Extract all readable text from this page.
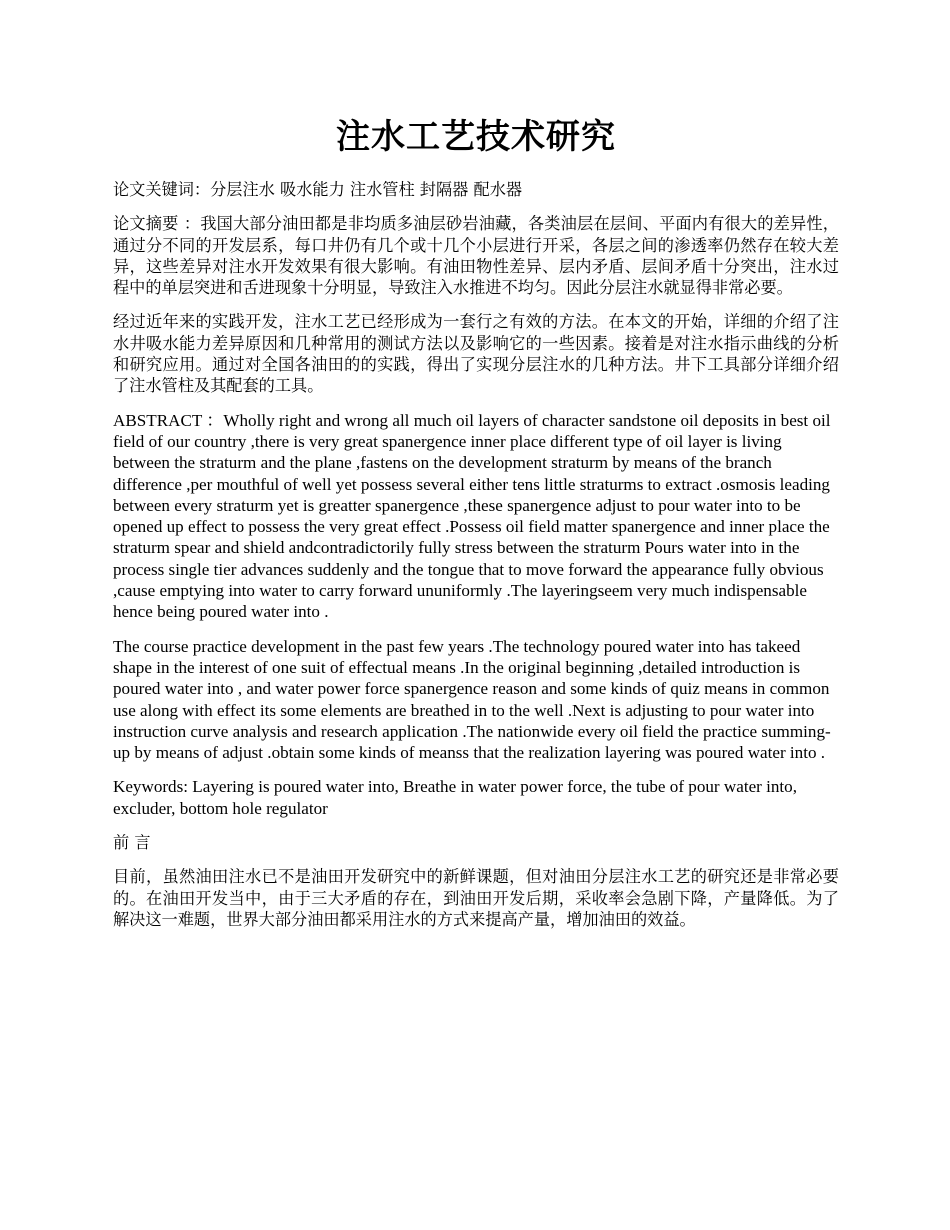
注水工艺技术研究

论文关键词：分层注水 吸水能力 注水管柱 封隔器 配水器

论文摘要 ：我国大部分油田都是非均质多油层砂岩油藏，各类油层在层间、平面内有很大的差异性，通过分不同的开发层系，每口井仍有几个或十几个小层进行开采，各层之间的渗透率仍然存在较大差异，这些差异对注水开发效果有很大影响。有油田物性差异、层内矛盾、层间矛盾十分突出，注水过程中的单层突进和舌进现象十分明显，导致注入水推进不均匀。因此分层注水就显得非常必要。

经过近年来的实践开发，注水工艺已经形成为一套行之有效的方法。在本文的开始，详细的介绍了注水井吸水能力差异原因和几种常用的测试方法以及影响它的一些因素。接着是对注水指示曲线的分析和研究应用。通过对全国各油田的的实践，得出了实现分层注水的几种方法。井下工具部分详细介绍了注水管柱及其配套的工具。

ABSTRACT ：Wholly right and wrong all much oil layers of character sandstone oil deposits in best oil field of our country ,there is very great spanergence inner place different type of oil layer is living between the straturm and the plane ,fastens on the development straturm by means of the branch difference ,per mouthful of well yet possess several either tens little straturms to extract .osmosis leading between every straturm yet is greatter spanergence ,these spanergence adjust to pour water into to be opened up effect to possess the very great effect .Possess oil field matter spanergence and inner place the straturm spear and shield andcontradictorily fully stress between the straturm Pours water into in the process single tier advances suddenly and the tongue that to move forward the appearance fully obvious ,cause emptying into water to carry forward ununiformly .The layeringseem very much indispensable hence being poured water into .

The course practice development in the past few years .The technology poured water into has takeed shape in the interest of one suit of effectual means .In the original beginning ,detailed introduction is poured water into , and water power force spanergence reason and some kinds of quiz means in common use along with effect its some elements are breathed in to the well .Next is adjusting to pour water into instruction curve analysis and research application .The nationwide every oil field the practice summing-up by means of adjust .obtain some kinds of meanss that the realization layering was poured water into .

Keywords: Layering is poured water into, Breathe in water power force, the tube of pour water into, excluder, bottom hole regulator

前 言

目前，虽然油田注水已不是油田开发研究中的新鲜课题，但对油田分层注水工艺的研究还是非常必要的。在油田开发当中，由于三大矛盾的存在，到油田开发后期，采收率会急剧下降，产量降低。为了解决这一难题，世界大部分油田都采用注水的方式来提高产量，增加油田的效益。
